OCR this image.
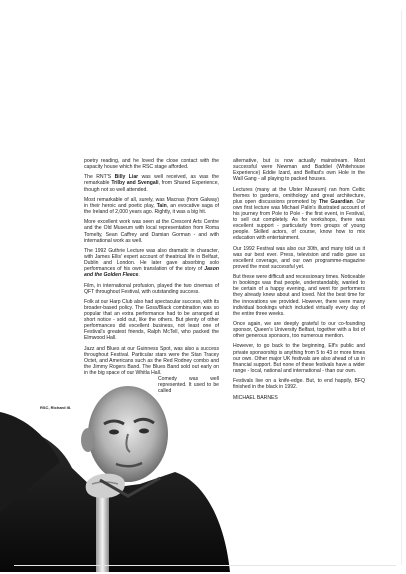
poetry reading, and he loved the close contact with the capacity house which the RSC stage afforded.

The RNT'S Billy Liar was well received, as was the remarkable Trilby and Svengali, from Shared Experience, though not so well attended.

Most remarkable of all, surely, was Macnas (from Galway) in their heroic and poetic play, Tain, an evocative saga of the Ireland of 2,000 years ago. Rightly, it was a big hit.

More excellent work was seen at the Crescent Arts Centre and the Old Museum with local representation from Roma Tomelty, Sean Caffrey and Damian Gorman - and with international work as well.

The 1992 Guthrie Lecture was also dramatic in character, with James Ellis' expert account of theatrical life in Belfast, Dublin and London. He later gave absorbing solo performances of his own translation of the story of Jason and the Golden Fleece.

Film, in international profusion, played the two cinemas of QFT throughout Festival, with outstanding success.

Folk at our Harp Club also had spectacular success, with its broader-based policy. The Goss/Black combination was so popular that an extra performance had to be arranged at short notice - sold out, like the others. But plenty of other performances did excellent business, not least one of Festival's greatest friends, Ralph McTell, who packed the Elmwood Hall.

Jazz and Blues at our Guinness Spot, was also a success throughout Festival. Particular stars were the Stan Tracey Octet, and Americans such as the Red Rodney combo and the Jimmy Rogers Band. The Blues Band sold out early on in the big space of our Whitla Hall.

Comedy was well represented. It used to be called

alternative, but is now actually mainstream. Most successful were Newman and Baddiel (Whitehouse Experience) Eddie Izard, and Belfast's own Hole in the Wall Gang - all playing to packed houses.

Lectures (many at the Ulster Museum) ran from Celtic themes to gardens, ornithology and great architecture, plus open discussions promoted by The Guardian. Our own first lecture was Michael Palin's illustrated account of his journey from Pole to Pole - the first event, in Festival, to sell out completely. As for workshops, there was excellent support - particularly from groups of young people. Skilled actors, of course, know how to mix education with entertainment.

Our 1992 Festival was also our 30th, and many told us it was our best ever. Press, television and radio gave us excellent coverage, and our own programme-magazine proved the most successful yet.

But these were difficult and recessionary times. Noticeable in bookings was that people, understandably, wanted to be certain of a happy evening, and went for performers they already knew about and loved. Not the best time for the innovations we provided. However, there were many individual bookings which included virtually every day of the entire three weeks.

Once again, we are deeply grateful to our co-founding sponsor, Queen's University Belfast, together with a list of other generous sponsors, too numerous mention.

However, to go back to the beginning, Elf's public and private sponsorship is anything from 5 to 43 or more times our own. Other major UK festivals are also ahead of us in financial support. But none of these festivals have a wider range - local, national and international - than our own.

Festivals live on a knife-edge. But, to end happily, BFQ finished in the black in 1992.

MICHAEL BARNES

RSC, Richard III.
